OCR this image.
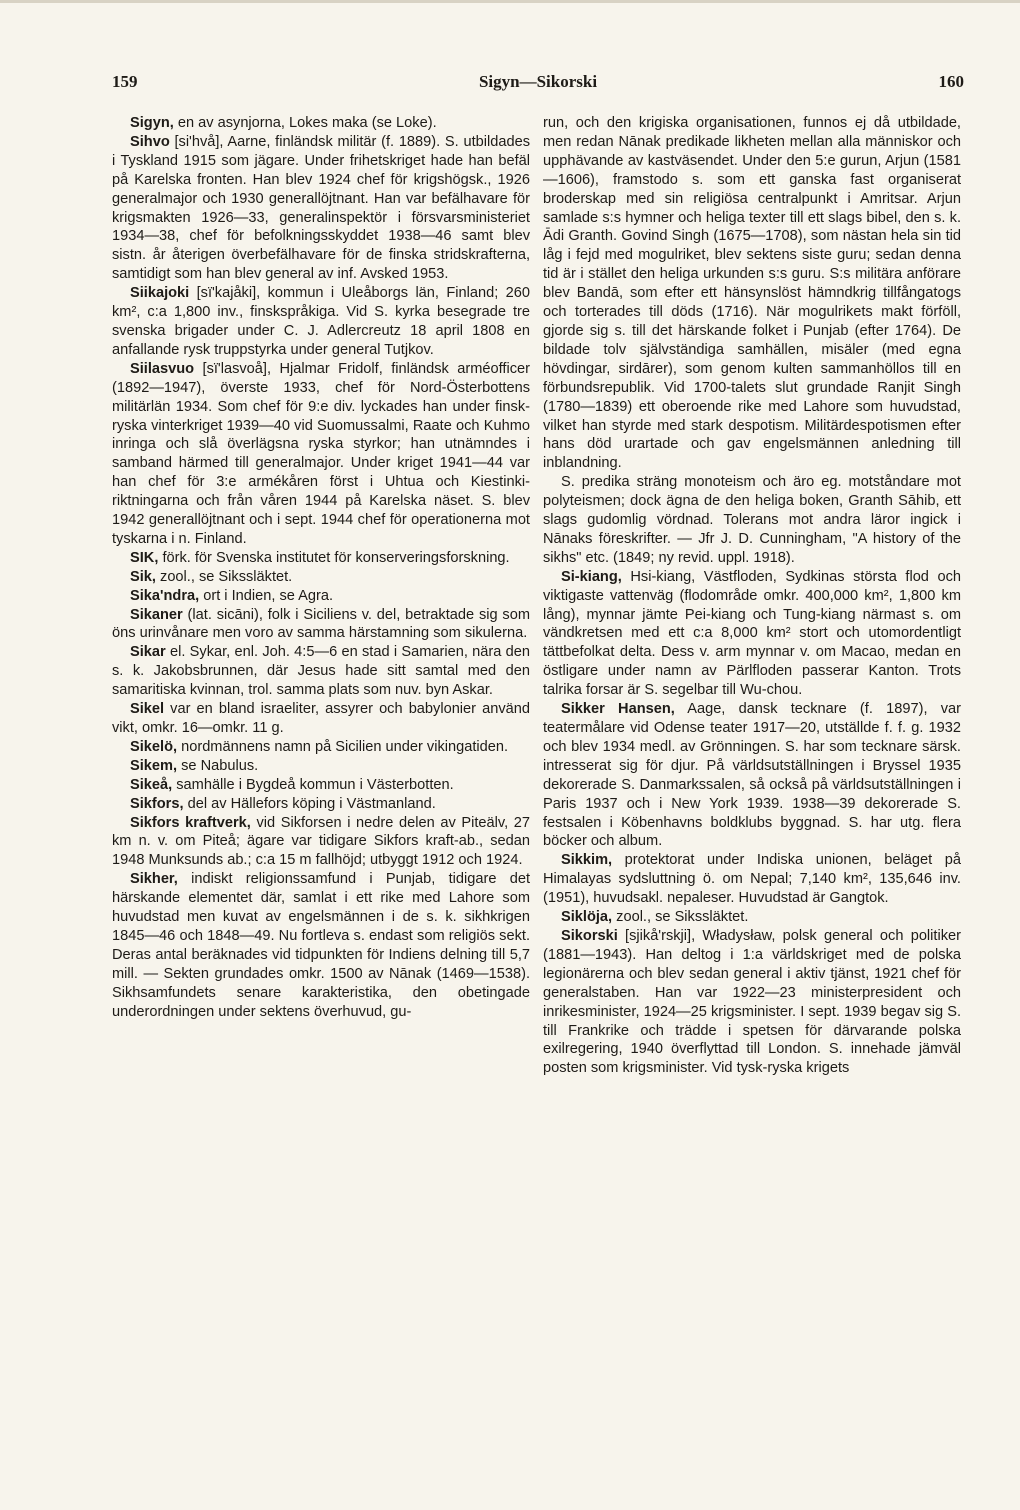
159	Sigyn—Sikorski	160

Sigyn, en av asynjorna, Lokes maka (se Loke).

Sihvo [si'hvå], Aarne, finländsk militär (f. 1889). S. utbildades i Tyskland 1915 som jägare. Under frihetskriget hade han befäl på Karelska fronten. Han blev 1924 chef för krigshögsk., 1926 generalmajor och 1930 generallöjtnant. Han var befälhavare för krigsmakten 1926—33, generalinspektör i försvarsministeriet 1934—38, chef för befolkningsskyddet 1938—46 samt blev sistn. år återigen överbefälhavare för de finska stridskrafterna, samtidigt som han blev general av inf. Avsked 1953.

Siikajoki [sï'kajåki], kommun i Uleåborgs län, Finland; 260 km², c:a 1,800 inv., finskspråkiga. Vid S. kyrka besegrade tre svenska brigader under C. J. Adlercreutz 18 april 1808 en anfallande rysk truppstyrka under general Tutjkov.

Siilasvuo [sï'lasvoå], Hjalmar Fridolf, finländsk arméofficer (1892—1947), överste 1933, chef för Nord-Österbottens militärlän 1934. Som chef för 9:e div. lyckades han under finsk-ryska vinterkriget 1939—40 vid Suomussalmi, Raate och Kuhmo inringa och slå överlägsna ryska styrkor; han utnämndes i samband härmed till generalmajor. Under kriget 1941—44 var han chef för 3:e armékåren först i Uhtua och Kiestinki-riktningarna och från våren 1944 på Karelska näset. S. blev 1942 generallöjtnant och i sept. 1944 chef för operationerna mot tyskarna i n. Finland.

SIK, förk. för Svenska institutet för konserveringsforskning.

Sik, zool., se Sikssläktet.

Sika'ndra, ort i Indien, se Agra.

Sikaner (lat. sicāni), folk i Siciliens v. del, betraktade sig som öns urinvånare men voro av samma härstamning som sikulerna.

Sikar el. Sykar, enl. Joh. 4:5—6 en stad i Samarien, nära den s. k. Jakobsbrunnen, där Jesus hade sitt samtal med den samaritiska kvinnan, trol. samma plats som nuv. byn Askar.

Sikel var en bland israeliter, assyrer och babylonier använd vikt, omkr. 16—omkr. 11 g.

Sikelö, nordmännens namn på Sicilien under vikingatiden.

Sikem, se Nabulus.

Sikeå, samhälle i Bygdeå kommun i Västerbotten.

Sikfors, del av Hällefors köping i Västmanland.

Sikfors kraftverk, vid Sikforsen i nedre delen av Piteälv, 27 km n. v. om Piteå; ägare var tidigare Sikfors kraft-ab., sedan 1948 Munksunds ab.; c:a 15 m fallhöjd; utbyggt 1912 och 1924.

Sikher, indiskt religionssamfund i Punjab, tidigare det härskande elementet där, samlat i ett rike med Lahore som huvudstad men kuvat av engelsmännen i de s. k. sikhkrigen 1845—46 och 1848—49. Nu fortleva s. endast som religiös sekt. Deras antal beräknades vid tidpunkten för Indiens delning till 5,7 mill. — Sekten grundades omkr. 1500 av Nānak (1469—1538). Sikhsamfundets senare karakteristika, den obetingade underordningen under sektens överhuvud, gu-

run, och den krigiska organisationen, funnos ej då utbildade, men redan Nānak predikade likheten mellan alla människor och upphävande av kastväsendet. Under den 5:e gurun, Arjun (1581—1606), framstodo s. som ett ganska fast organiserat broderskap med sin religiösa centralpunkt i Amritsar. Arjun samlade s:s hymner och heliga texter till ett slags bibel, den s. k. Ādi Granth. Govind Singh (1675—1708), som nästan hela sin tid låg i fejd med mogulriket, blev sektens siste guru; sedan denna tid är i stället den heliga urkunden s:s guru. S:s militära anförare blev Bandā, som efter ett hänsynslöst hämndkrig tillfångatogs och torterades till döds (1716). När mogulrikets makt förföll, gjorde sig s. till det härskande folket i Punjab (efter 1764). De bildade tolv självständiga samhällen, misäler (med egna hövdingar, sirdārer), som genom kulten sammanhöllos till en förbundsrepublik. Vid 1700-talets slut grundade Ranjit Singh (1780—1839) ett oberoende rike med Lahore som huvudstad, vilket han styrde med stark despotism. Militärdespotismen efter hans död urartade och gav engelsmännen anledning till inblandning.

S. predika sträng monoteism och äro eg. motståndare mot polyteismen; dock ägna de den heliga boken, Granth Sāhib, ett slags gudomlig vördnad. Tolerans mot andra läror ingick i Nānaks föreskrifter. — Jfr J. D. Cunningham, "A history of the sikhs" etc. (1849; ny revid. uppl. 1918).

Si-kiang, Hsi-kiang, Västfloden, Sydkinas största flod och viktigaste vattenväg (flodområde omkr. 400,000 km², 1,800 km lång), mynnar jämte Pei-kiang och Tung-kiang närmast s. om vändkretsen med ett c:a 8,000 km² stort och utomordentligt tättbefolkat delta. Dess v. arm mynnar v. om Macao, medan en östligare under namn av Pärlfloden passerar Kanton. Trots talrika forsar är S. segelbar till Wu-chou.

Sikker Hansen, Aage, dansk tecknare (f. 1897), var teatermålare vid Odense teater 1917—20, utställde f. f. g. 1932 och blev 1934 medl. av Grönningen. S. har som tecknare särsk. intresserat sig för djur. På världsutställningen i Bryssel 1935 dekorerade S. Danmarkssalen, så också på världsutställningen i Paris 1937 och i New York 1939. 1938—39 dekorerade S. festsalen i Köbenhavns boldklubs byggnad. S. har utg. flera böcker och album.

Sikkim, protektorat under Indiska unionen, beläget på Himalayas sydsluttning ö. om Nepal; 7,140 km², 135,646 inv. (1951), huvudsakl. nepaleser. Huvudstad är Gangtok.

Siklöja, zool., se Sikssläktet.

Sikorski [sjikå'rskji], Władysław, polsk general och politiker (1881—1943). Han deltog i 1:a världskriget med de polska legionärerna och blev sedan general i aktiv tjänst, 1921 chef för generalstaben. Han var 1922—23 ministerpresident och inrikesminister, 1924—25 krigsminister. I sept. 1939 begav sig S. till Frankrike och trädde i spetsen för därvarande polska exilregering, 1940 överflyttad till London. S. innehade jämväl posten som krigsminister. Vid tysk-ryska krigets
